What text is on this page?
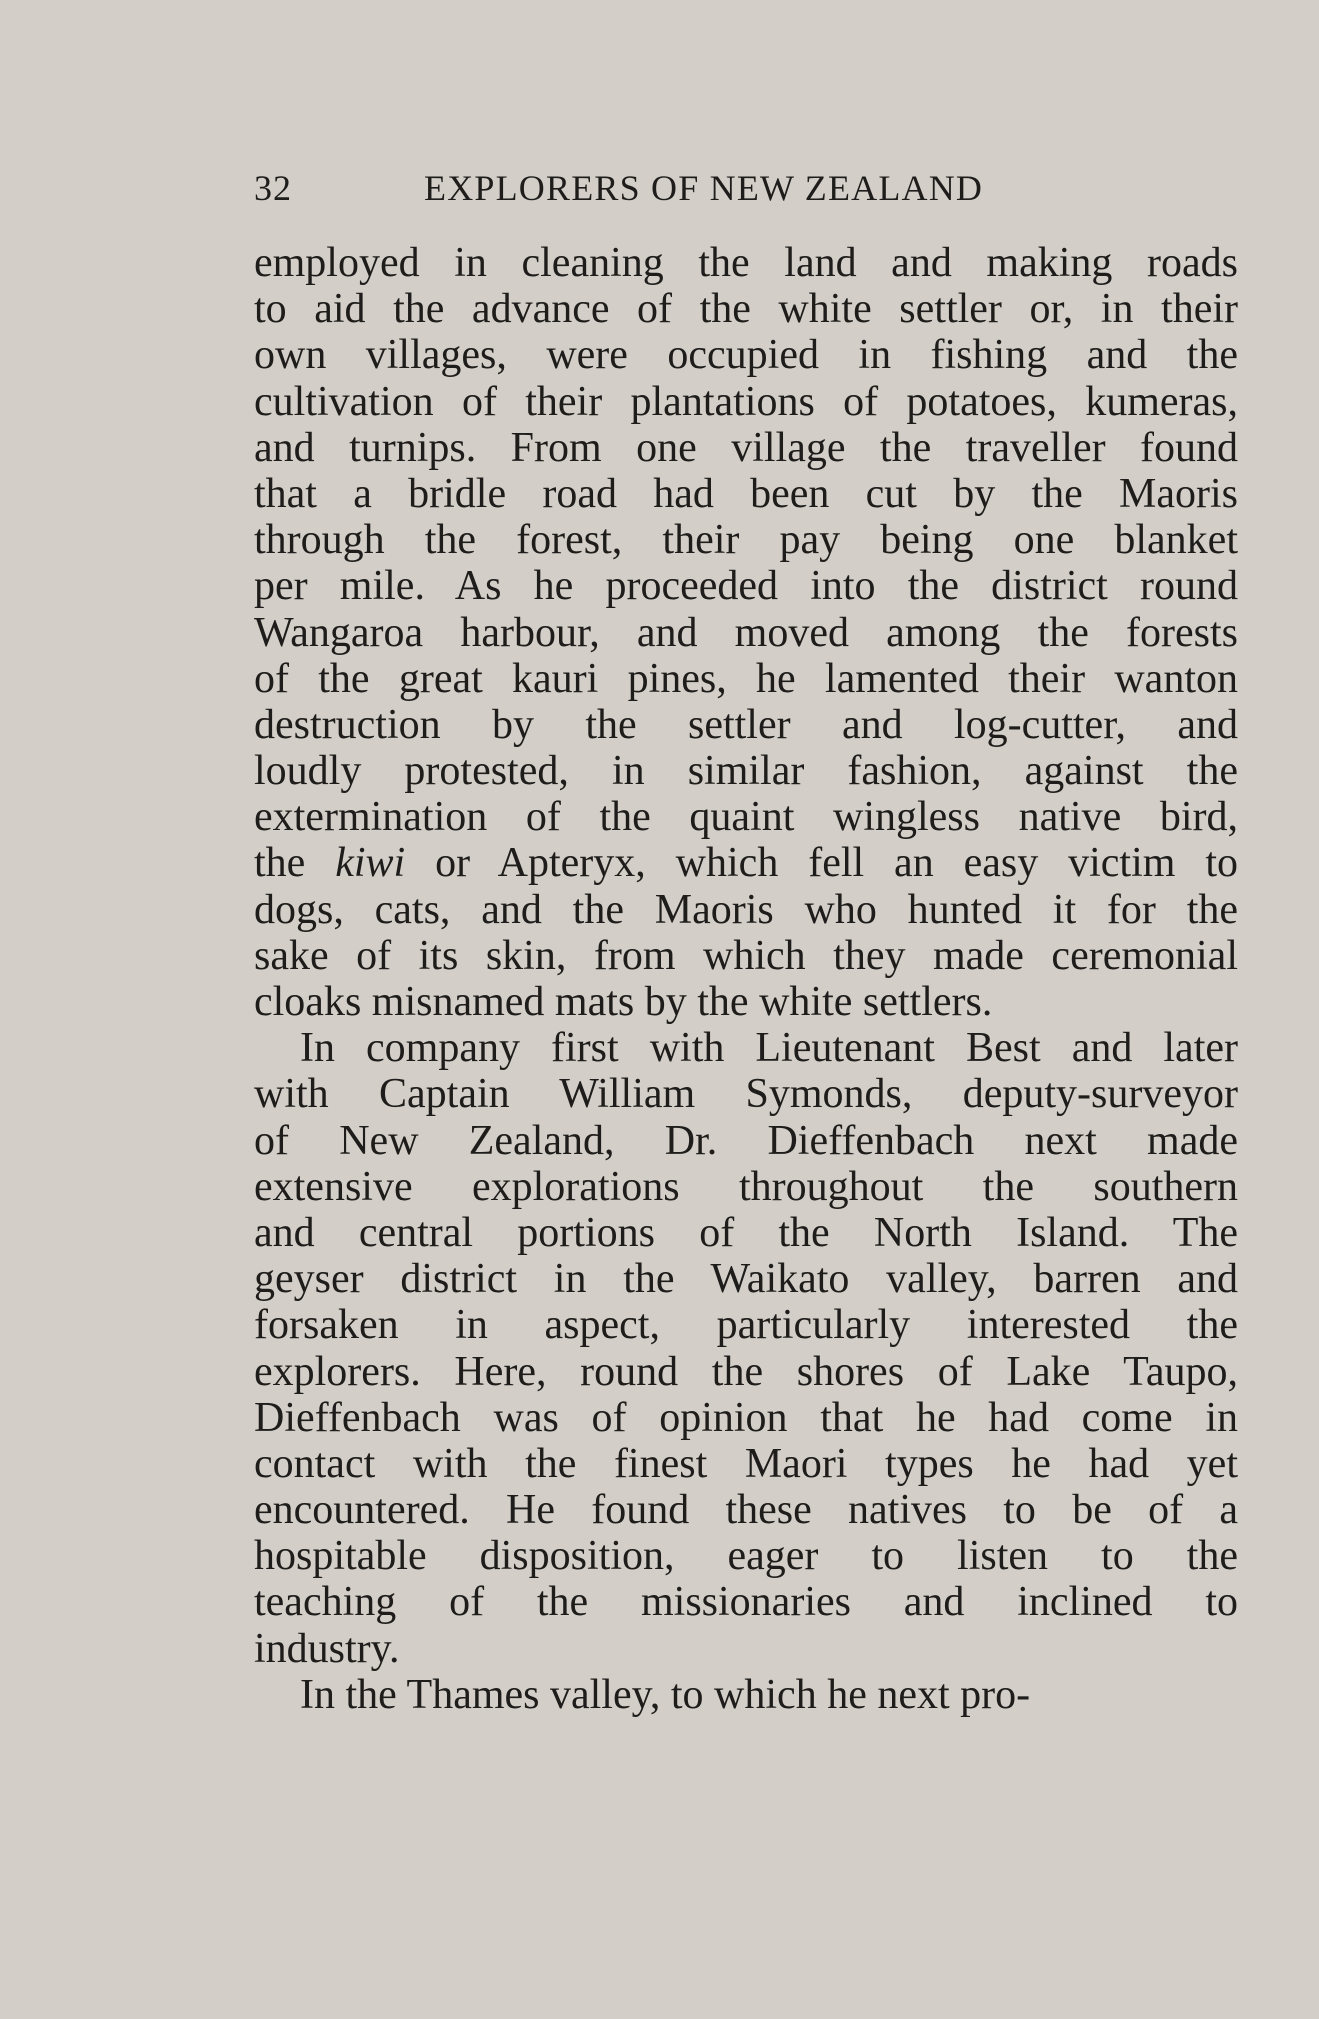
32	EXPLORERS OF NEW ZEALAND
employed in cleaning the land and making roads
to aid the advance of the white settler or, in their
own villages, were occupied in fishing and the
cultivation of their plantations of potatoes, kumeras,
and turnips. From one village the traveller found
that a bridle road had been cut by the Maoris
through the forest, their pay being one blanket
per mile. As he proceeded into the district round
Wangaroa harbour, and moved among the forests
of the great kauri pines, he lamented their wanton
destruction by the settler and log-cutter, and
loudly protested, in similar fashion, against the
extermination of the quaint wingless native bird,
the kiwi or Apteryx, which fell an easy victim to
dogs, cats, and the Maoris who hunted it for the
sake of its skin, from which they made ceremonial
cloaks misnamed mats by the white settlers.
In company first with Lieutenant Best and later
with Captain William Symonds, deputy-surveyor
of New Zealand, Dr. Dieffenbach next made
extensive explorations throughout the southern
and central portions of the North Island. The
geyser district in the Waikato valley, barren and
forsaken in aspect, particularly interested the
explorers. Here, round the shores of Lake Taupo,
Dieffenbach was of opinion that he had come in
contact with the finest Maori types he had yet
encountered. He found these natives to be of a
hospitable disposition, eager to listen to the
teaching of the missionaries and inclined to
industry.
In the Thames valley, to which he next pro-
